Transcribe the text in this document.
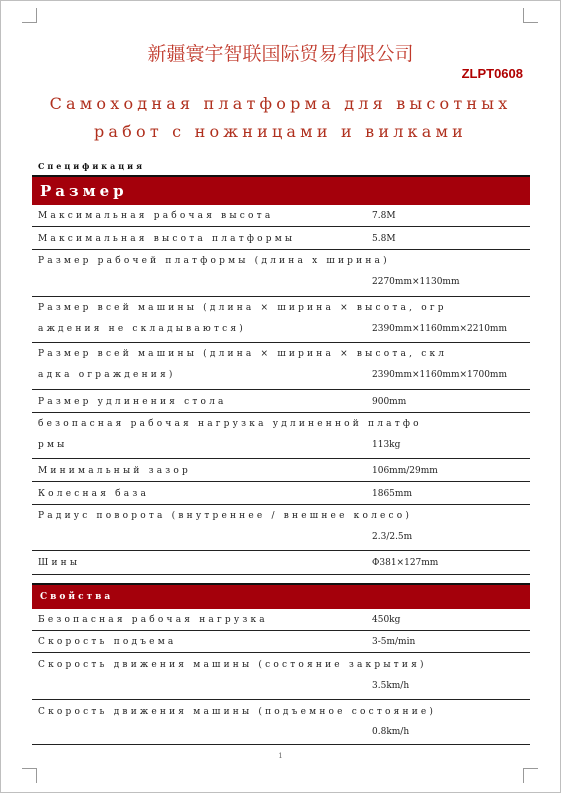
新疆寰宇智联国际贸易有限公司
ZLPT0608
Самоходная платформа для высотных
работ с ножницами и вилками
Спецификация
Размер
Максимальная рабочая высота	7.8M
Максимальная высота платформы	5.8M
Размер рабочей платформы (длина х ширина)
2270mm×1130mm
Размер всей машины (длина × ширина × высота, огр
аждения не складываются)	2390mm×1160mm×2210mm
Размер всей машины (длина × ширина × высота, скл
адка ограждения)	2390mm×1160mm×1700mm
Размер удлинения стола	900mm
безопасная рабочая нагрузка удлиненной платфо
рмы	113kg
Минимальный зазор	106mm/29mm
Колесная база	1865mm
Радиус поворота (внутреннее / внешнее колесо)
2.3/2.5m
Шины	Φ381×127mm
Свойства
Безопасная рабочая нагрузка	450kg
Скорость подъема	3-5m/min
Скорость движения машины (состояние закрытия)
3.5km/h
Скорость движения машины (подъемное состояние)
0.8km/h
1
